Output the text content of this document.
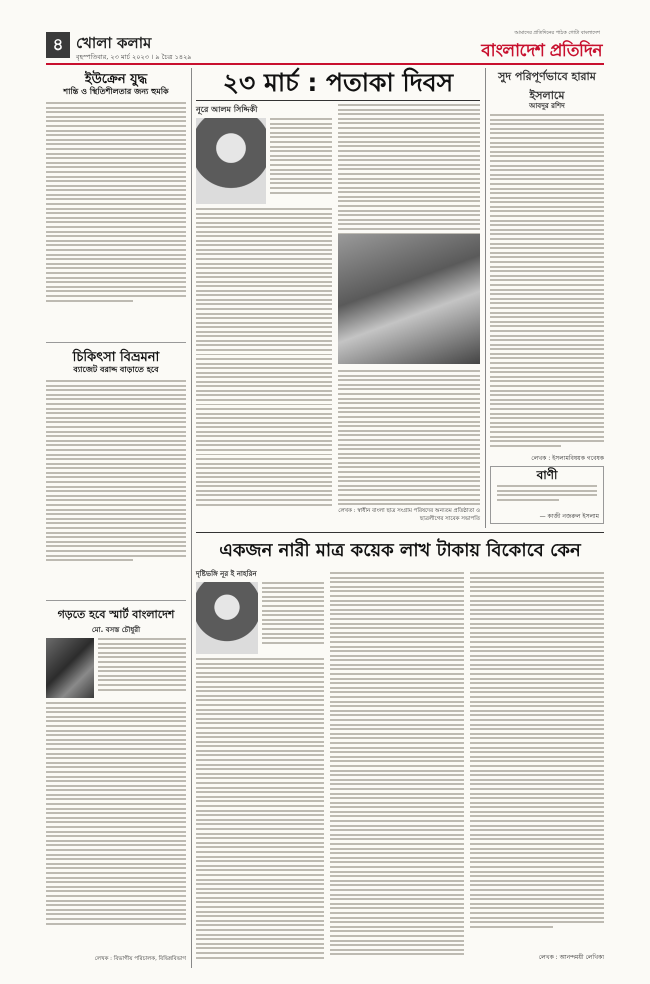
৪ খোলা কলাম
বৃহস্পতিবার, ২৩ মার্চ ২০২৩ । ৯ চৈত্র ১৪২৯
আমাদের প্রতিদিনের পাঠক গোটা বাংলাদেশ
বাংলাদেশ প্রতিদিন
ইউক্রেন যুদ্ধ
শান্তি ও স্থিতিশীলতার জন্য হুমকি
চিকিৎসা বিভ্রমনা
ব্যাজেট বরাদ্দ বাড়াতে হবে
গড়তে হবে স্মার্ট বাংলাদেশ
মো. বসস্ত চৌধুরী
লেখক : বিভাগীয় পরিচালক, বিভিন্নবিভাগ
২৩ মার্চ : পতাকা দিবস
নূরে আলম সিদ্দিকী
লেখক : স্বাধীন বাংলা ছাত্র সংগ্রাম পরিষদের অন্যতম প্রতিষ্ঠাতা ও ছাত্রলীগের সাবেক সভাপতি
সুদ পরিপূর্ণভাবে হারাম ইসলামে
আবদুর রশিদ
লেখক : ইসলামবিষয়ক গবেষক
বাণী
— কাজী নজরুল ইসলাম
একজন নারী মাত্র কয়েক লাখ টাকায় বিকোবে কেন
দৃষ্টিভঙ্গি নূর ই নাহরিন
লেখক : আনন্দময়ী লেখিকা
